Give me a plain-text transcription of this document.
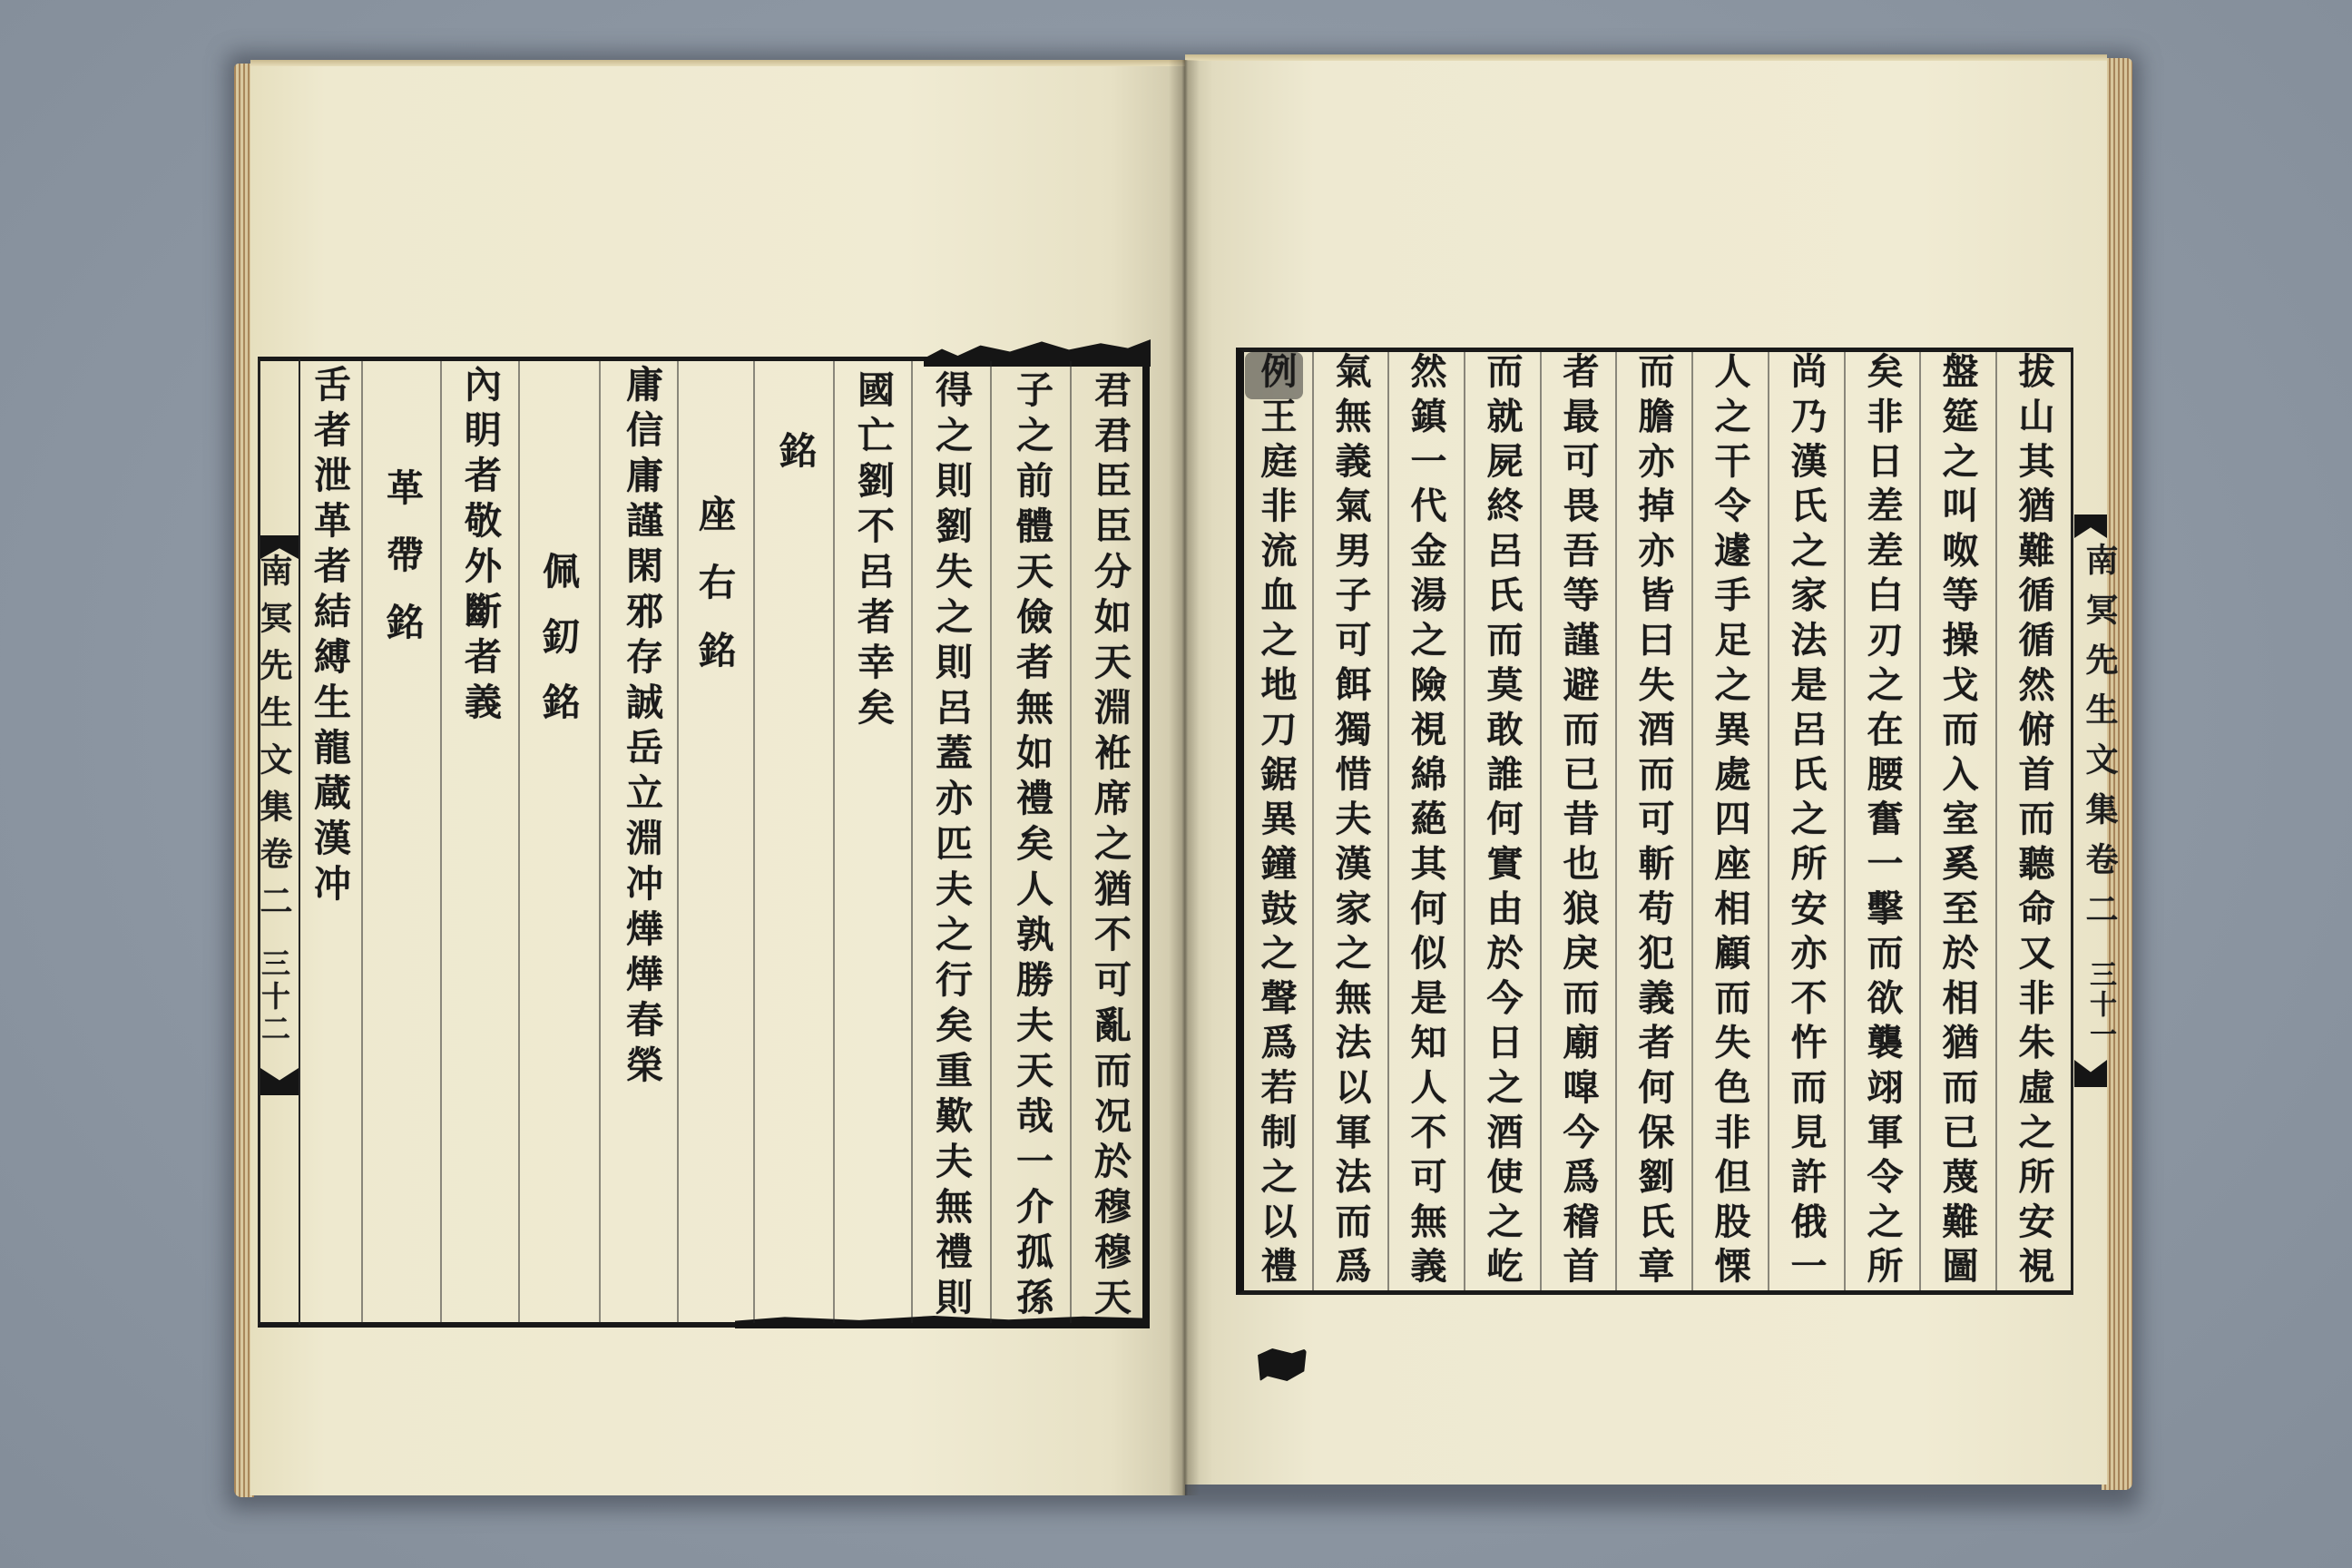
南冥先生文集卷二
三十二	君君臣臣分如天淵袵席之猶不可亂而况於穆穆天
子之前體天儉者無如禮矣人孰勝夫天哉一介孤孫
得之則劉失之則呂蓋亦匹夫之行矣重歎夫無禮則
國亡劉不呂者幸矣
銘
座右銘
庸信庸謹閑邪存誠岳立淵冲燁燁春榮
佩釖銘
內眀者敬外斷者義
革帶銘
舌者泄革者結縛生龍蔵漢冲	南冥先生文集卷二
三十一
拔山其猶難循循然俯首而聽命又非朱虛之所安視
盤筵之叫呶等操戈而入室奚至於相猶而已蔑難圖
矣非日差差白刃之在腰奮一擊而欲襲翊軍令之所
尚乃漢氏之家法是呂氏之所安亦不忤而見許俄一
人之干令遽手足之異處四座相顧而失色非但股慄
而膽亦掉亦皆曰失酒而可斬苟犯義者何保劉氏章
者最可畏吾等謹避而已昔也狼戾而廟噑今爲稽首
而就屍終呂氏而莫敢誰何實由於今日之酒使之屹
然鎮一代金湯之險視綿蕝其何似是知人不可無義
氣無義氣男子可餌獨惜夫漢家之無法以軍法而爲
例王庭非流血之地刀鋸異鐘鼓之聲爲若制之以禮
